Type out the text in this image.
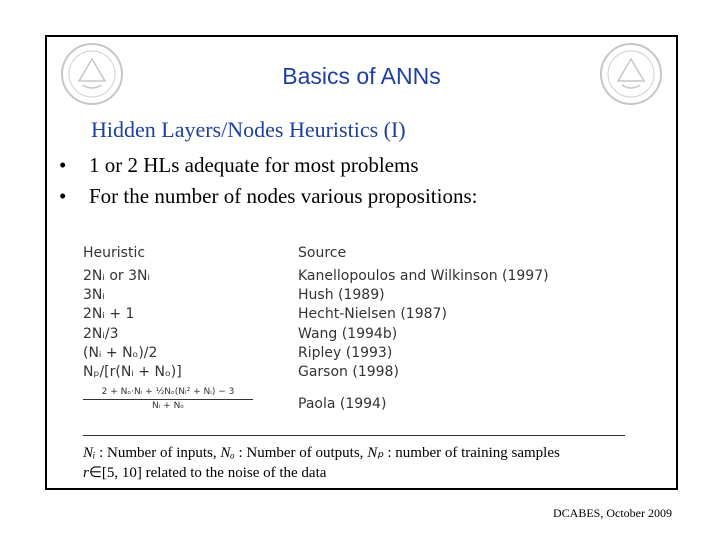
Basics of ANNs
Hidden Layers/Nodes Heuristics (I)
• 1 or 2 HLs adequate for most problems
• For the number of nodes various propositions:
Heuristic	Source
2Nᵢ or 3Nᵢ	Kanellopoulos and Wilkinson (1997)
3Nᵢ	Hush (1989)
2Nᵢ + 1	Hecht-Nielsen (1987)
2Nᵢ/3	Wang (1994b)
(Nᵢ + Nₒ)/2	Ripley (1993)
Nₚ/[r(Nᵢ + Nₒ)]	Garson (1998)
$\frac{\text{2 + Nₒ·Nᵢ + ½Nₒ(Nᵢ² + Nᵢ) − 3}}{\text{Nᵢ + Nₒ}}$	Paola (1994)
Nᵢ : Number of inputs, Nₒ : Number of outputs, Nₚ : number of training samples
r∈[5, 10] related to the noise of the data
DCABES, October 2009
